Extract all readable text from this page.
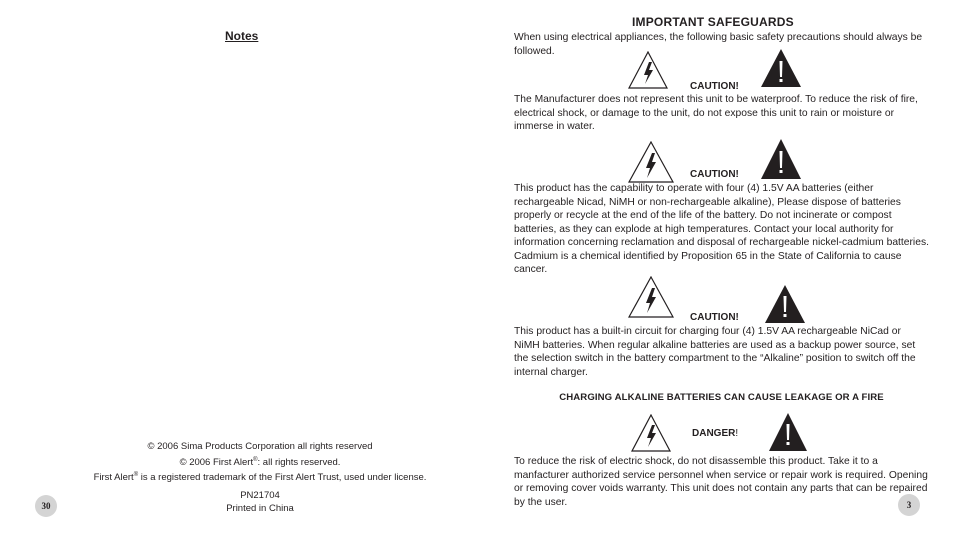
Notes
© 2006 Sima Products Corporation all rights reserved
© 2006 First Alert®: all rights reserved.
First Alert® is a registered trademark of the First Alert Trust, used under license.
PN21704
Printed in China
30
IMPORTANT SAFEGUARDS
When using electrical appliances, the following basic safety precautions should always be followed.
CAUTION!
The Manufacturer does not represent this unit to be waterproof. To reduce the risk of fire, electrical shock, or damage to the unit, do not expose this unit to rain or moisture or immerse in water.
CAUTION!
This product has the capability to operate with four (4) 1.5V AA batteries (either rechargeable Nicad, NiMH or non-rechargeable alkaline), Please dispose of batteries properly or recycle at the end of the life of the battery. Do not incinerate or compost batteries, as they can explode at high temperatures. Contact your local authority for information concerning reclamation and disposal of rechargeable nickel-cadmium batteries. Cadmium is a chemical identified by Proposition 65 in the State of California to cause cancer.
CAUTION!
This product has a built-in circuit for charging four (4) 1.5V AA rechargeable NiCad or NiMH batteries. When regular alkaline batteries are used as a backup power source, set the selection switch in the battery compartment to the “Alkaline” position to switch off the internal charger.
CHARGING ALKALINE BATTERIES CAN CAUSE LEAKAGE OR A FIRE
DANGER!
To reduce the risk of electric shock, do not disassemble this product. Take it to a manfacturer authorized service personnel when service or repair work is required. Opening or removing cover voids warranty. This unit does not contain any parts that can be repaired by the user.	3
